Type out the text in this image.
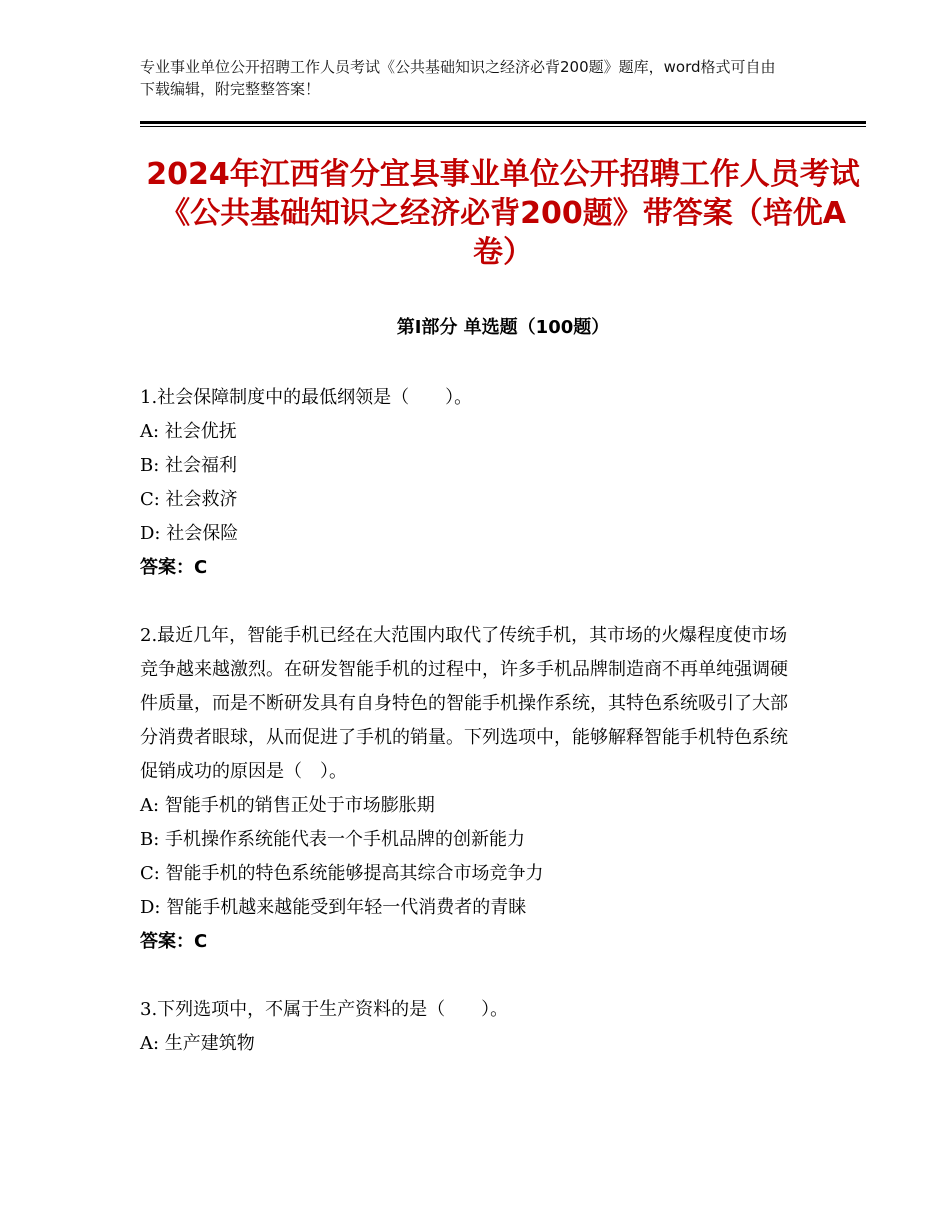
专业事业单位公开招聘工作人员考试《公共基础知识之经济必背200题》题库，word格式可自由下载编辑，附完整整答案！
2024年江西省分宜县事业单位公开招聘工作人员考试《公共基础知识之经济必背200题》带答案（培优A卷）
第Ⅰ部分 单选题（100题）
1.社会保障制度中的最低纲领是（　　）。
A: 社会优抚
B: 社会福利
C: 社会救济
D: 社会保险
答案：C
2.最近几年，智能手机已经在大范围内取代了传统手机，其市场的火爆程度使市场竞争越来越激烈。在研发智能手机的过程中，许多手机品牌制造商不再单纯强调硬件质量，而是不断研发具有自身特色的智能手机操作系统，其特色系统吸引了大部分消费者眼球，从而促进了手机的销量。下列选项中，能够解释智能手机特色系统促销成功的原因是（　）。
A: 智能手机的销售正处于市场膨胀期
B: 手机操作系统能代表一个手机品牌的创新能力
C: 智能手机的特色系统能够提高其综合市场竞争力
D: 智能手机越来越能受到年轻一代消费者的青睐
答案：C
3.下列选项中，不属于生产资料的是（　　）。
A: 生产建筑物
